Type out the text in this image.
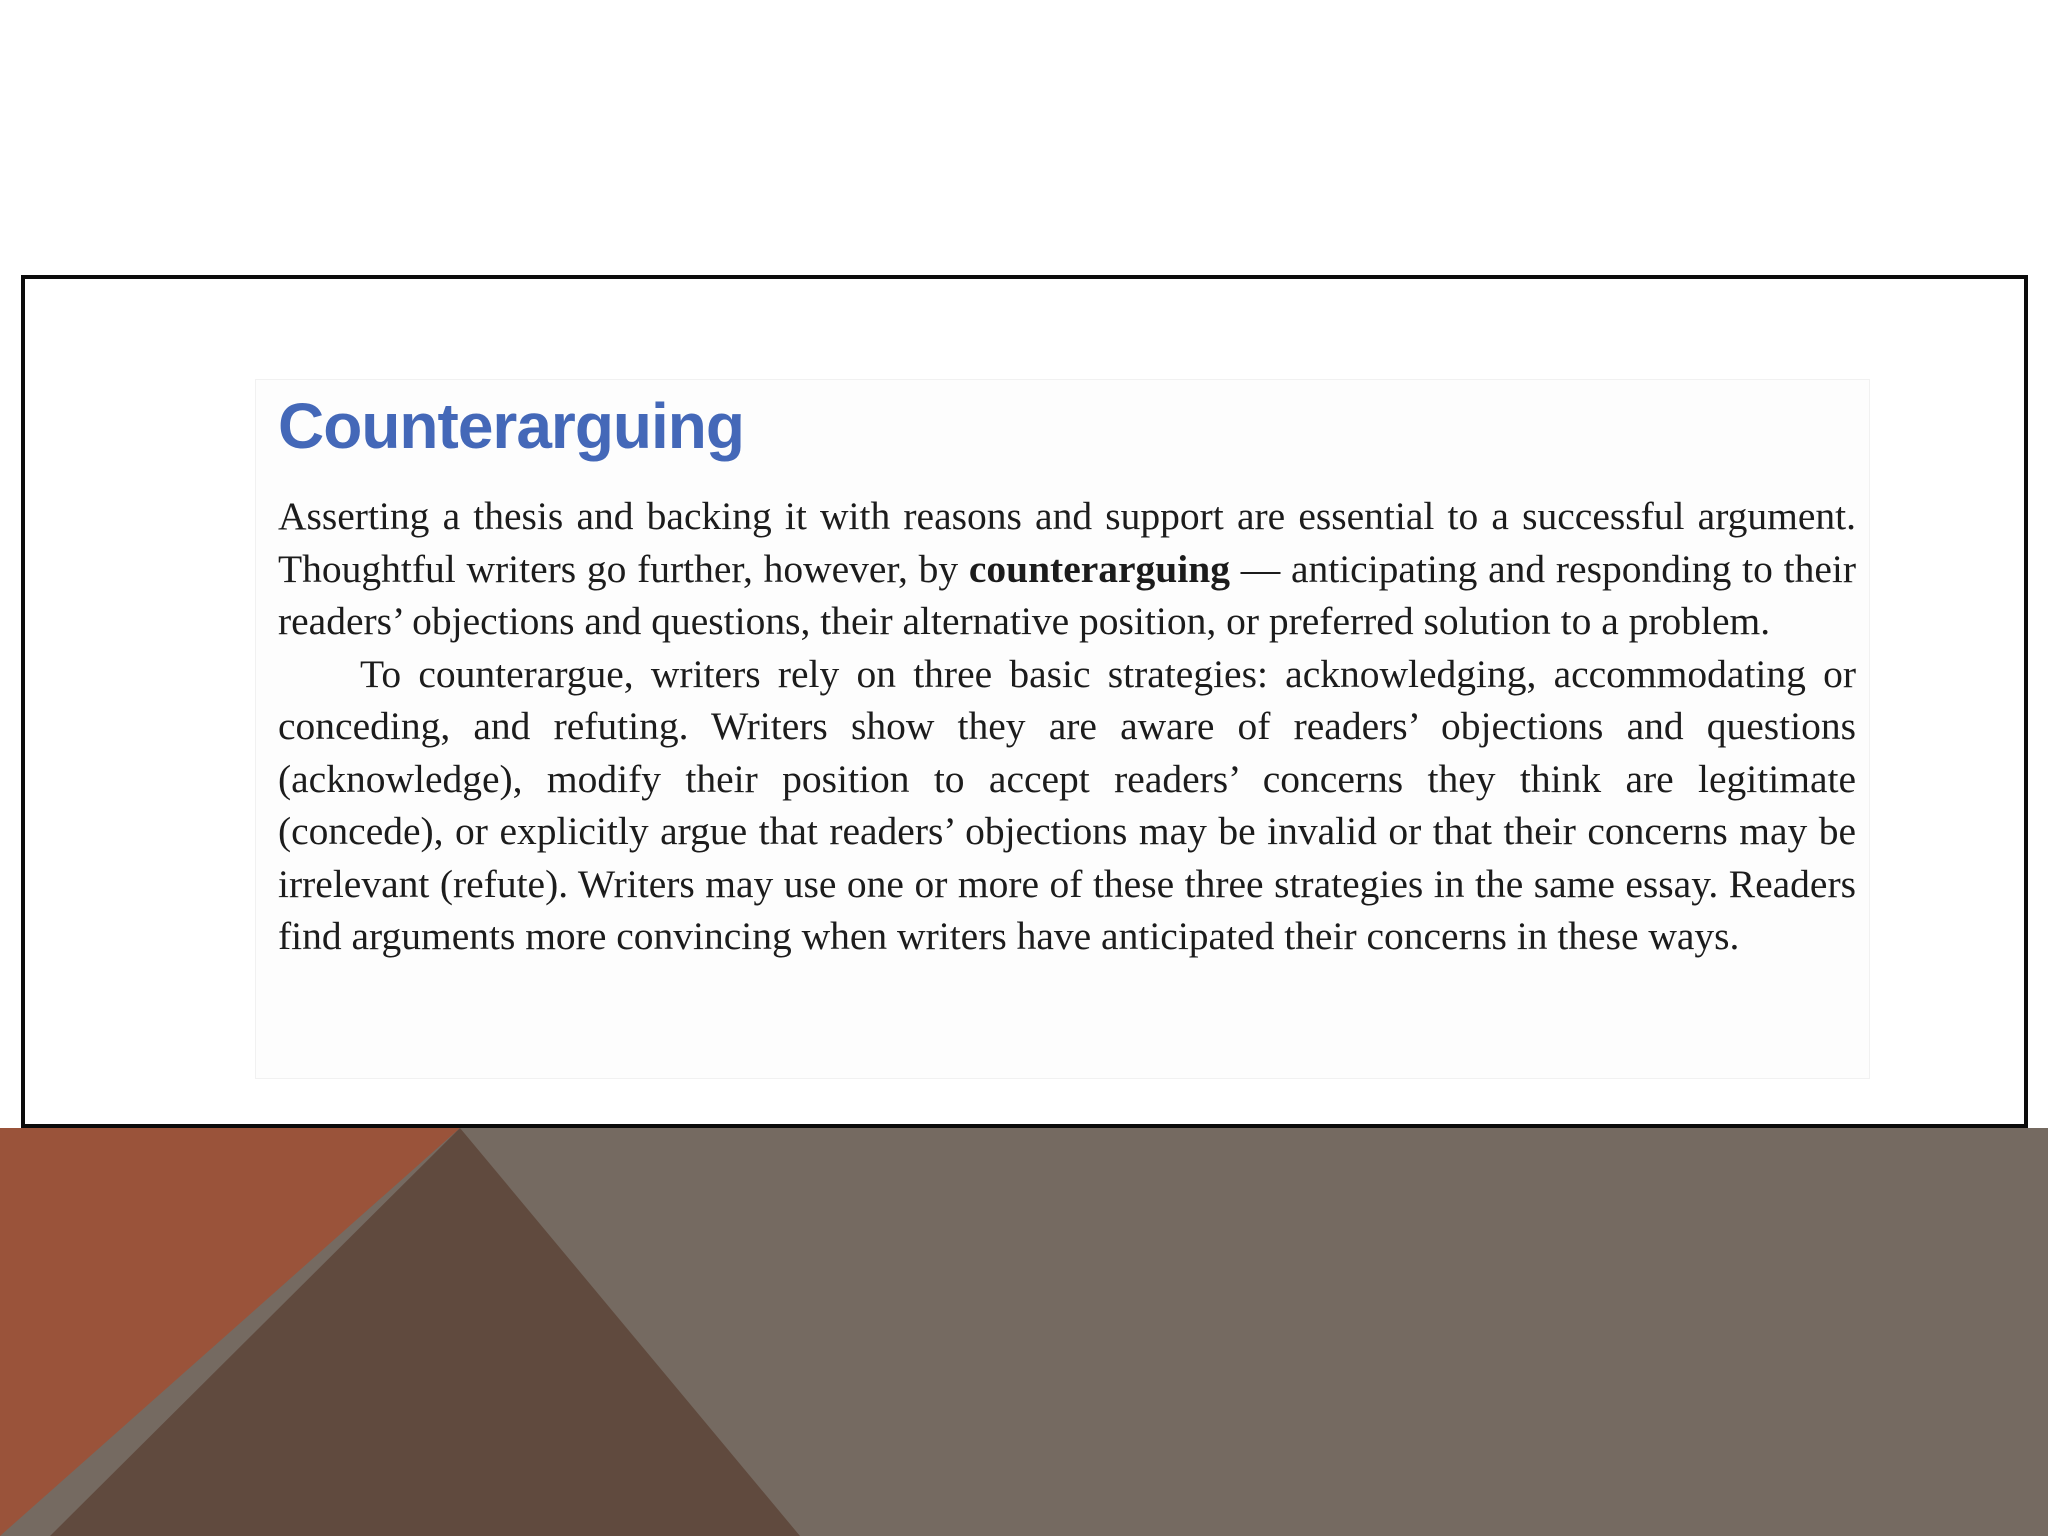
Counterarguing

Asserting a thesis and backing it with reasons and support are essential to a successful argument. Thoughtful writers go further, however, by counterarguing — anticipating and responding to their readers’ objections and questions, their alternative position, or preferred solution to a problem.

To counterargue, writers rely on three basic strategies: acknowledging, accommodating or conceding, and refuting. Writers show they are aware of readers’ objections and questions (acknowledge), modify their position to accept readers’ concerns they think are legitimate (concede), or explicitly argue that readers’ objections may be invalid or that their concerns may be irrelevant (refute). Writers may use one or more of these three strategies in the same essay. Readers find arguments more convincing when writers have anticipated their concerns in these ways.
